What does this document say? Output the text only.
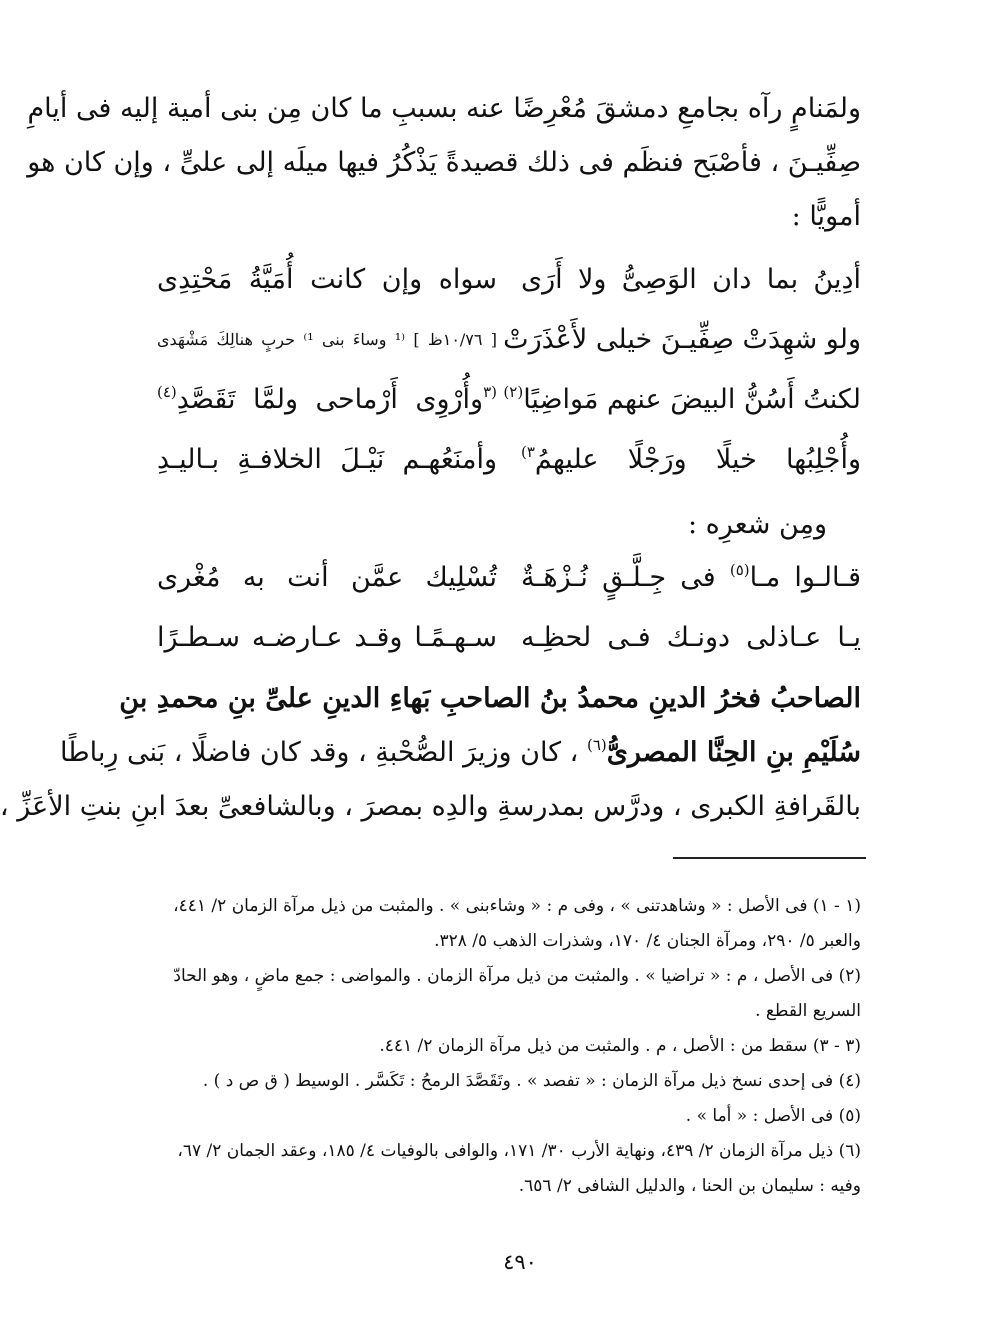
ولمَنامٍ رآه بجامعِ دمشقَ مُعْرِضًا عنه بسببِ ما كان مِن بنى أمية إليه فى أيامِ
صِفِّيـنَ ، فأصْبَح فنظَم فى ذلك قصيدةً يَذْكُرُ فيها ميلَه إلى علىٍّ ، وإن كان هو
أمويًّا :
أدِينُ بما دان الوَصِىُّ ولا أَرَى
سواه وإن كانت أُمَيَّةُ مَحْتِدِى
ولو شهِدَتْ صِفِّيـنَ خيلى لأَعْذَرَتْ
[ ١٠/٧٦ظ ] ⁽¹ وساءَ بنى ¹⁾ حربٍ هنالِكَ مَشْهَدى
لكنتُ أَسُنُّ البيضَ عنهم مَواضِيًا$^{(٢)}$
$^{(٣}$وأُرْوِى أَرْماحى ولمَّا تَقَصَّدِ$^{(٤)}$
وأُجْلِبُها خيلًا ورَجْلًا عليهمُ$^{٣)}$
وأمنَعُهـم نَيْـلَ الخلافـةِ بـاليـدِ
ومِن شعرِه :
قـالـوا مـا$^{(٥)}$ فى جِـلَّـقٍ نُـزْهَـةٌ
تُسْلِيك عمَّن أنت به مُغْرى
يـا عـاذلى دونـك فـى لحظِـه
سـهـمًـا وقـد عـارضـه سـطـرًا
الصاحبُ فخرُ الدينِ محمدُ بنُ الصاحبِ بَهاءِ الدينِ علىِّ بنِ محمدِ بنِ
سُلَيْمِ بنِ الحِنَّا المصرىُّ$^{(٦)}$ ، كان وزيرَ الصُّحْبةِ ، وقد كان فاضلًا ، بَنى رِباطًا
بالقَرافةِ الكبرى ، ودرَّس بمدرسةِ والدِه بمصرَ ، وبالشافعىِّ بعدَ ابنِ بنتِ الأعَزِّ ،
(١ - ١) فى الأصل : « وشاهدتنى » ، وفى م : « وشاءبنى » . والمثبت من ذيل مرآة الزمان ٢/ ٤٤١،
والعبر ٥/ ٢٩٠، ومرآة الجنان ٤/ ١٧٠، وشذرات الذهب ٥/ ٣٢٨.
(٢) فى الأصل ، م : « تراضيا » . والمثبت من ذيل مرآة الزمان . والمواضى : جمع ماضٍ ، وهو الحادّ
السريع القطع .
(٣ - ٣) سقط من : الأصل ، م . والمثبت من ذيل مرآة الزمان ٢/ ٤٤١.
(٤) فى إحدى نسخ ذيل مرآة الزمان : « تفصد » . وتَقَصَّدَ الرمحُ : تَكَسَّر . الوسيط ( ق ص د ) .
(٥) فى الأصل : « أما » .
(٦) ذيل مرآة الزمان ٢/ ٤٣٩، ونهاية الأرب ٣٠/ ١٧١، والوافى بالوفيات ٤/ ١٨٥، وعقد الجمان ٢/ ٦٧،
وفيه : سليمان بن الحنا ، والدليل الشافى ٢/ ٦٥٦.
٤٩٠
